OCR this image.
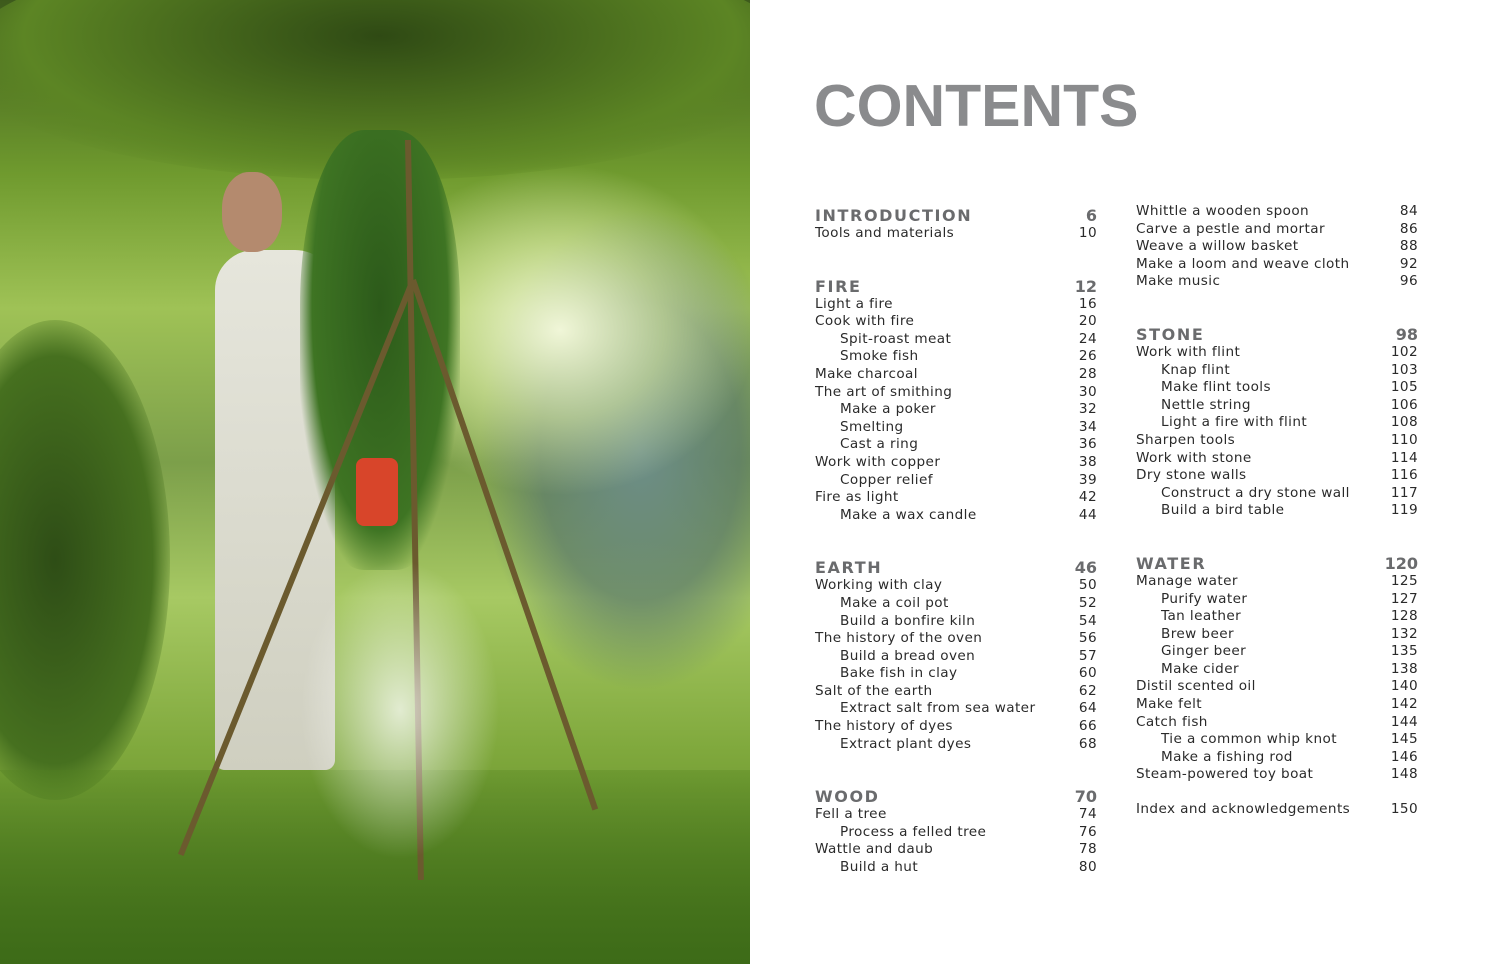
CONTENTS
INTRODUCTION	6
Tools and materials	10
FIRE	12
Light a fire	16
Cook with fire	20
Spit-roast meat	24
Smoke fish	26
Make charcoal	28
The art of smithing	30
Make a poker	32
Smelting	34
Cast a ring	36
Work with copper	38
Copper relief	39
Fire as light	42
Make a wax candle	44
EARTH	46
Working with clay	50
Make a coil pot	52
Build a bonfire kiln	54
The history of the oven	56
Build a bread oven	57
Bake fish in clay	60
Salt of the earth	62
Extract salt from sea water	64
The history of dyes	66
Extract plant dyes	68
WOOD	70
Fell a tree	74
Process a felled tree	76
Wattle and daub	78
Build a hut	80
Whittle a wooden spoon	84
Carve a pestle and mortar	86
Weave a willow basket	88
Make a loom and weave cloth	92
Make music	96
STONE	98
Work with flint	102
Knap flint	103
Make flint tools	105
Nettle string	106
Light a fire with flint	108
Sharpen tools	110
Work with stone	114
Dry stone walls	116
Construct a dry stone wall	117
Build a bird table	119
WATER	120
Manage water	125
Purify water	127
Tan leather	128
Brew beer	132
Ginger beer	135
Make cider	138
Distil scented oil	140
Make felt	142
Catch fish	144
Tie a common whip knot	145
Make a fishing rod	146
Steam-powered toy boat	148
Index and acknowledgements	150
